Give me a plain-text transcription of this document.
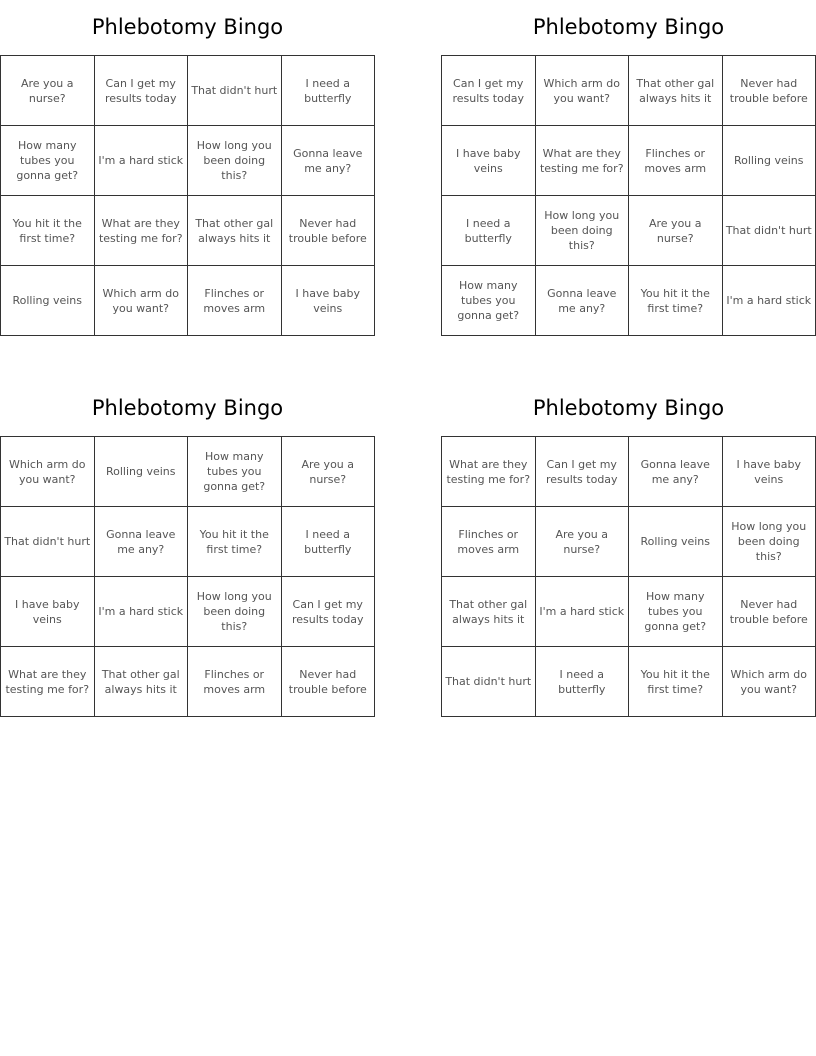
Phlebotomy Bingo
Are you a nurse?
Can I get my results today
That didn't hurt
I need a butterfly
How many tubes you gonna get?
I'm a hard stick
How long you been doing this?
Gonna leave me any?
You hit it the first time?
What are they testing me for?
That other gal always hits it
Never had trouble before
Rolling veins
Which arm do you want?
Flinches or moves arm
I have baby veins
Phlebotomy Bingo
Can I get my results today
Which arm do you want?
That other gal always hits it
Never had trouble before
I have baby veins
What are they testing me for?
Flinches or moves arm
Rolling veins
I need a butterfly
How long you been doing this?
Are you a nurse?
That didn't hurt
How many tubes you gonna get?
Gonna leave me any?
You hit it the first time?
I'm a hard stick
Phlebotomy Bingo
Which arm do you want?
Rolling veins
How many tubes you gonna get?
Are you a nurse?
That didn't hurt
Gonna leave me any?
You hit it the first time?
I need a butterfly
I have baby veins
I'm a hard stick
How long you been doing this?
Can I get my results today
What are they testing me for?
That other gal always hits it
Flinches or moves arm
Never had trouble before
Phlebotomy Bingo
What are they testing me for?
Can I get my results today
Gonna leave me any?
I have baby veins
Flinches or moves arm
Are you a nurse?
Rolling veins
How long you been doing this?
That other gal always hits it
I'm a hard stick
How many tubes you gonna get?
Never had trouble before
That didn't hurt
I need a butterfly
You hit it the first time?
Which arm do you want?
